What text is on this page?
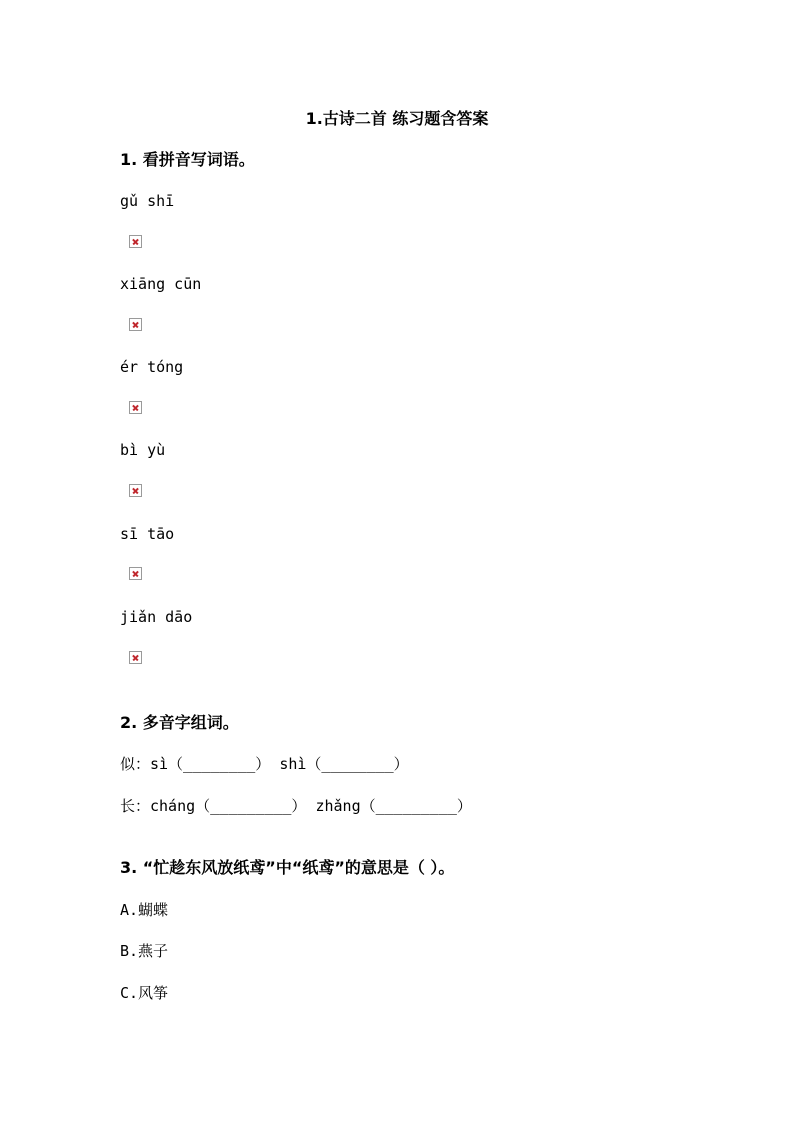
1.古诗二首 练习题含答案
1. 看拼音写词语。
gǔ shī
xiāng cūn
ér tóng
bì yù
sī tāo
jiǎn dāo
2. 多音字组词。
似：sì（________） shì（________）
长：cháng（_________） zhǎng（_________）
3. “忙趁东风放纸鸢”中“纸鸢”的意思是（ ）。
A.蝴蝶
B.燕子
C.风筝
